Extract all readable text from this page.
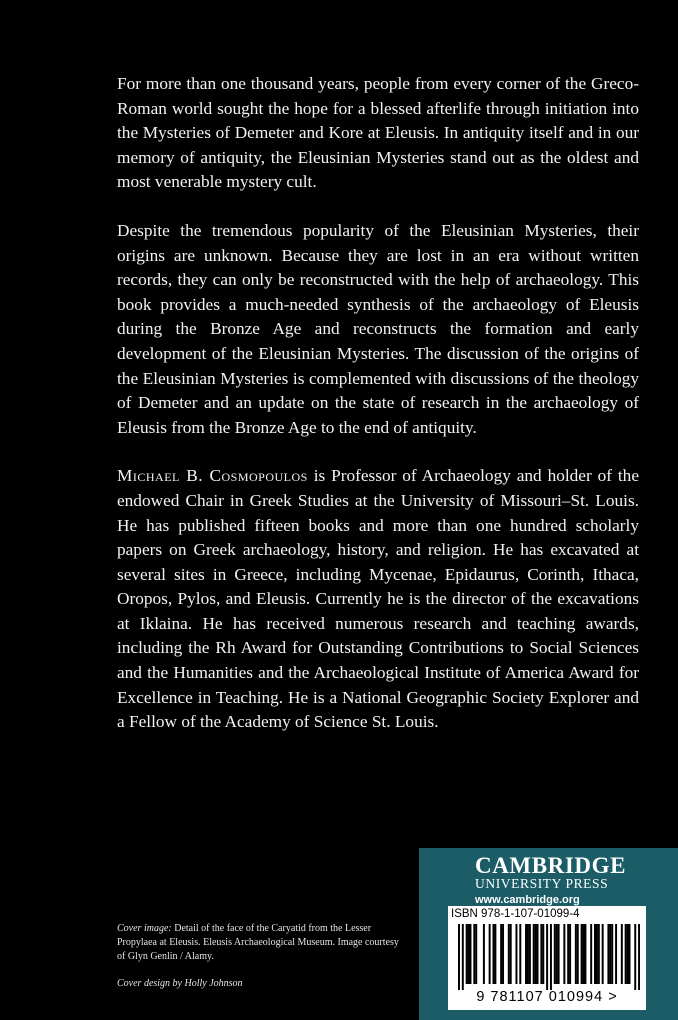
For more than one thousand years, people from every corner of the Greco-Roman world sought the hope for a blessed afterlife through initiation into the Mysteries of Demeter and Kore at Eleusis. In antiquity itself and in our memory of antiquity, the Eleusinian Mysteries stand out as the oldest and most venerable mystery cult.

Despite the tremendous popularity of the Eleusinian Mysteries, their origins are unknown. Because they are lost in an era without written records, they can only be reconstructed with the help of archaeology. This book provides a much-needed synthesis of the archaeology of Eleusis during the Bronze Age and reconstructs the formation and early development of the Eleusinian Mysteries. The discussion of the origins of the Eleusinian Mysteries is complemented with discussions of the theology of Demeter and an update on the state of research in the archaeology of Eleusis from the Bronze Age to the end of antiquity.

Michael B. Cosmopoulos is Professor of Archaeology and holder of the endowed Chair in Greek Studies at the University of Missouri–St. Louis. He has published fifteen books and more than one hundred scholarly papers on Greek archaeology, history, and religion. He has excavated at several sites in Greece, including Mycenae, Epidaurus, Corinth, Ithaca, Oropos, Pylos, and Eleusis. Currently he is the director of the excavations at Iklaina. He has received numerous research and teaching awards, including the Rh Award for Outstanding Contributions to Social Sciences and the Humanities and the Archaeological Institute of America Award for Excellence in Teaching. He is a National Geographic Society Explorer and a Fellow of the Academy of Science St. Louis.

Cover image: Detail of the face of the Caryatid from the Lesser Propylaea at Eleusis. Eleusis Archaeological Museum. Image courtesy of Glyn Genlin / Alamy.
Cover design by Holly Johnson
CAMBRIDGE
UNIVERSITY PRESS
www.cambridge.org
ISBN 978-1-107-01099-4
9 781107 010994 >
